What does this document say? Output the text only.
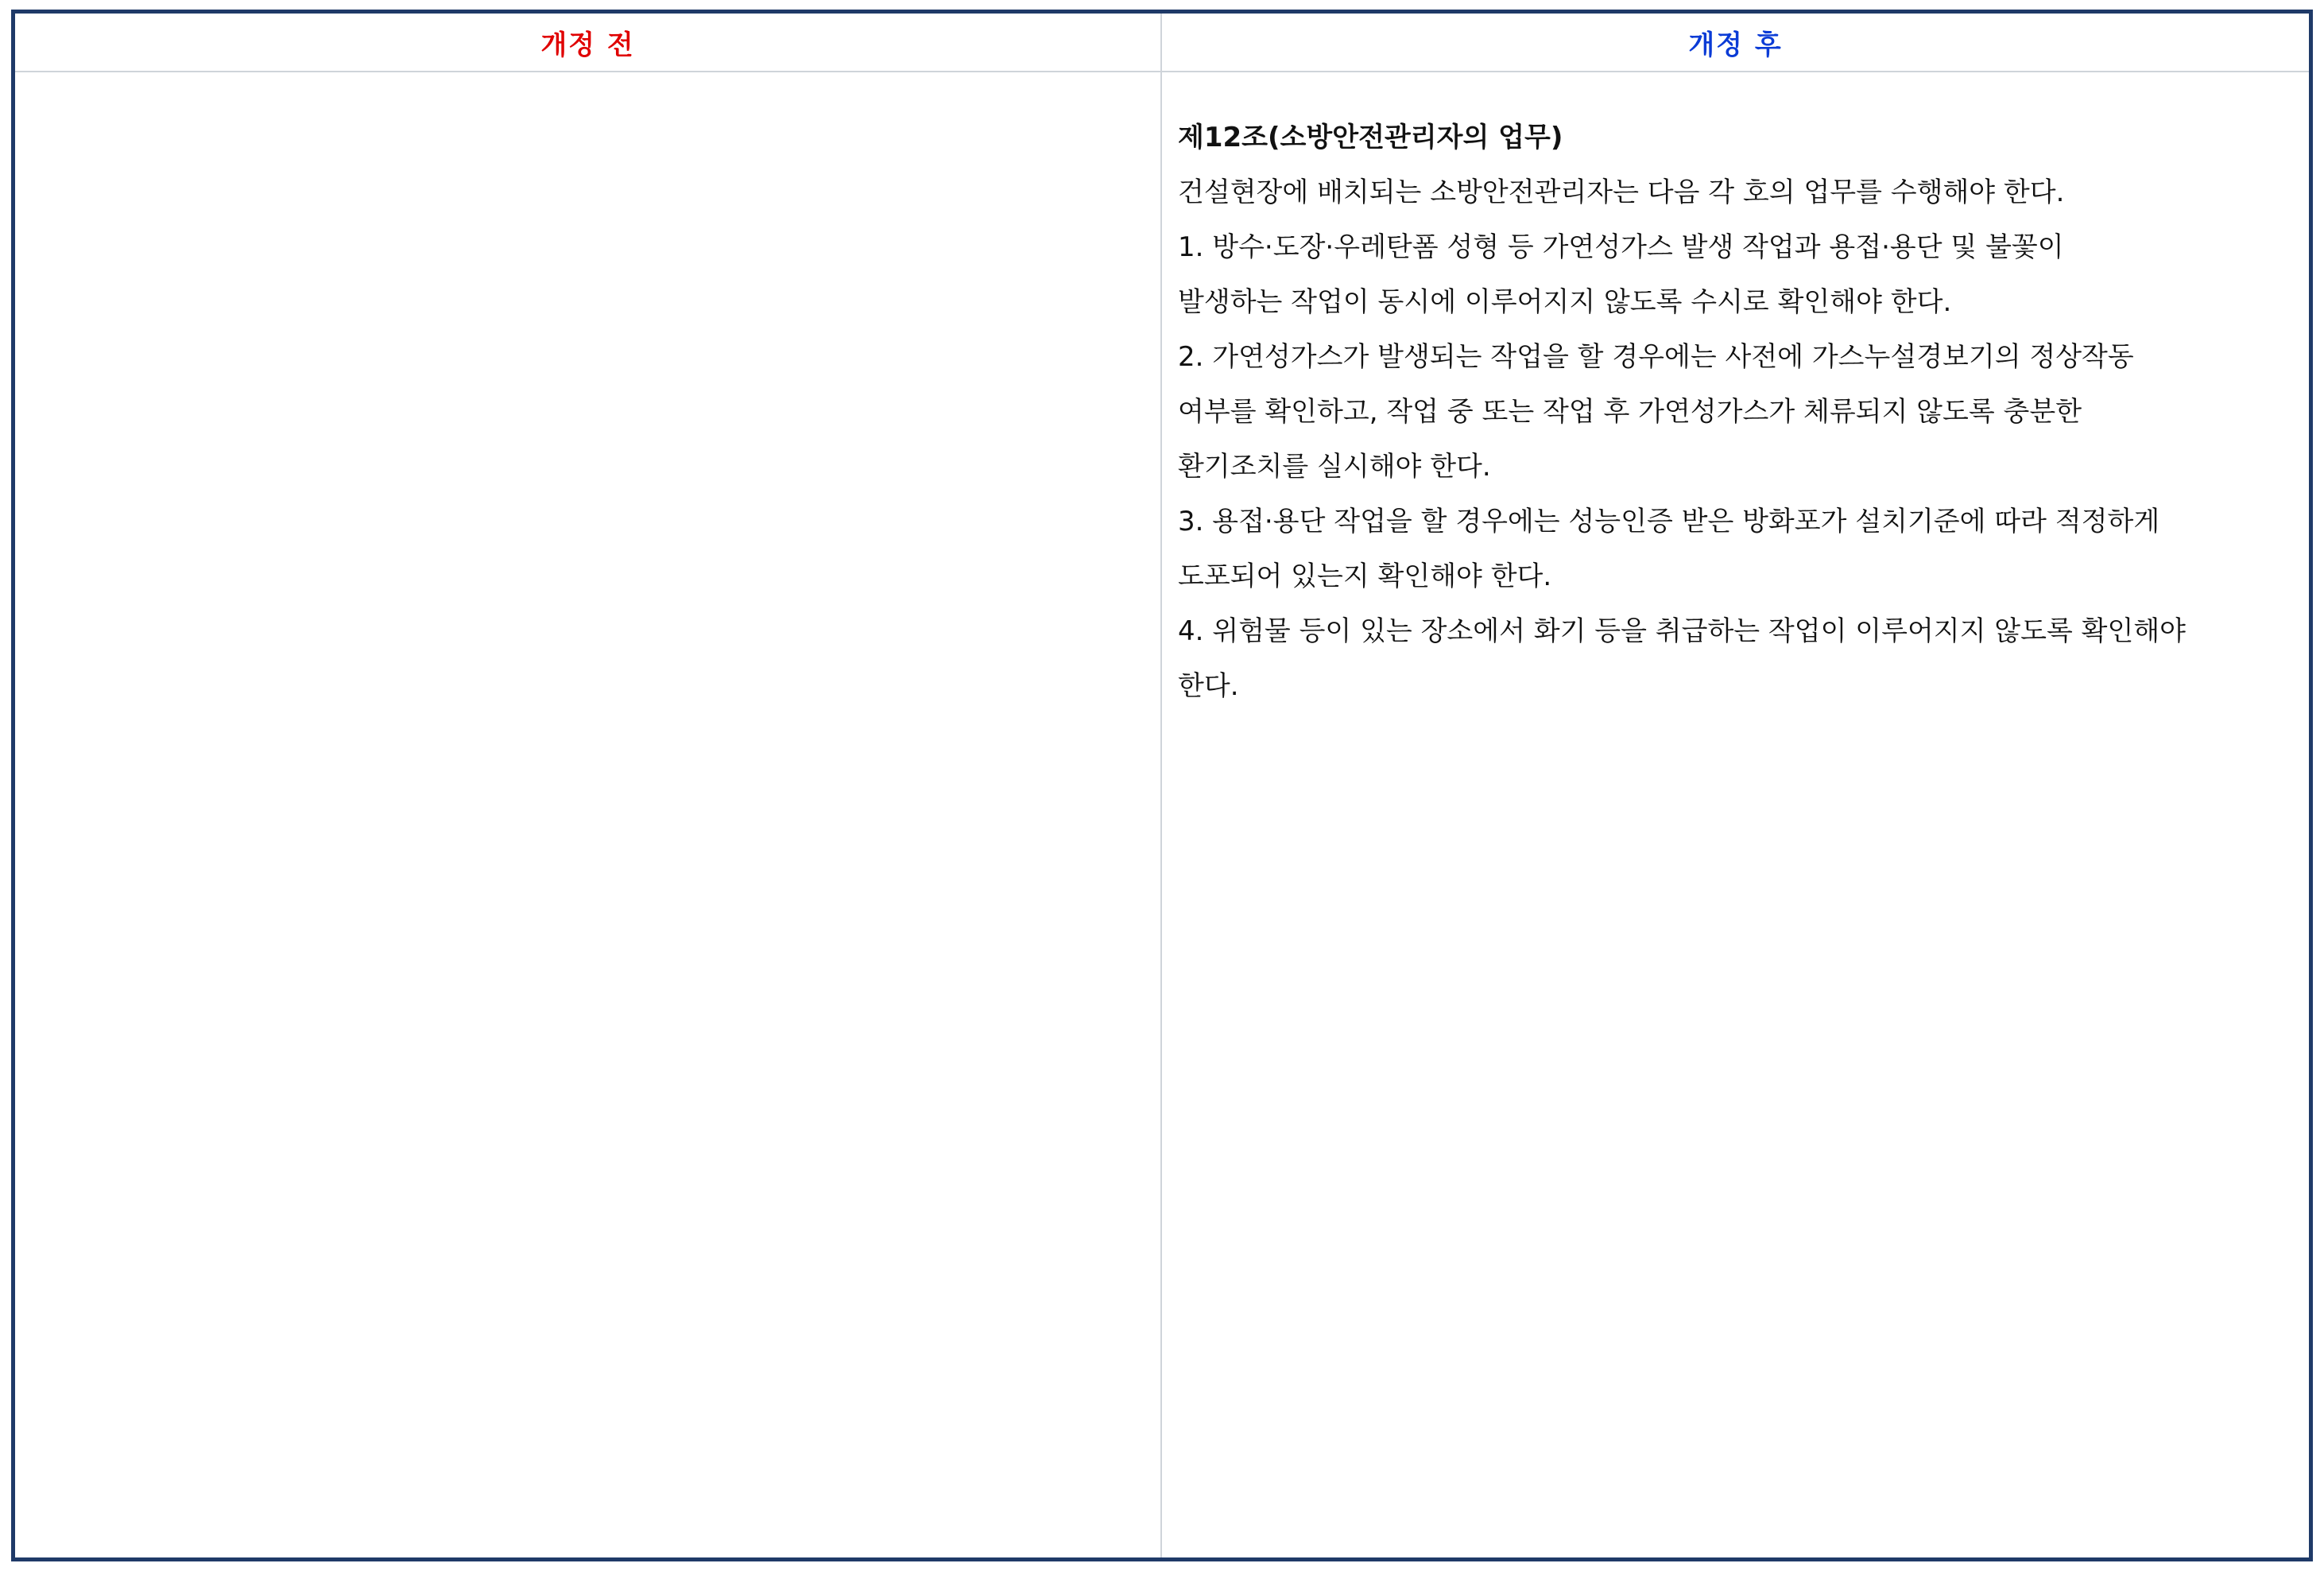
개정 전	개정 후
제12조(소방안전관리자의 업무)
건설현장에 배치되는 소방안전관리자는 다음 각 호의 업무를 수행해야 한다.
1. 방수·도장·우레탄폼 성형 등 가연성가스 발생 작업과 용접·용단 및 불꽃이
발생하는 작업이 동시에 이루어지지 않도록 수시로 확인해야 한다.
2. 가연성가스가 발생되는 작업을 할 경우에는 사전에 가스누설경보기의 정상작동
여부를 확인하고, 작업 중 또는 작업 후 가연성가스가 체류되지 않도록 충분한
환기조치를 실시해야 한다.
3. 용접·용단 작업을 할 경우에는 성능인증 받은 방화포가 설치기준에 따라 적정하게
도포되어 있는지 확인해야 한다.
4. 위험물 등이 있는 장소에서 화기 등을 취급하는 작업이 이루어지지 않도록 확인해야
한다.
